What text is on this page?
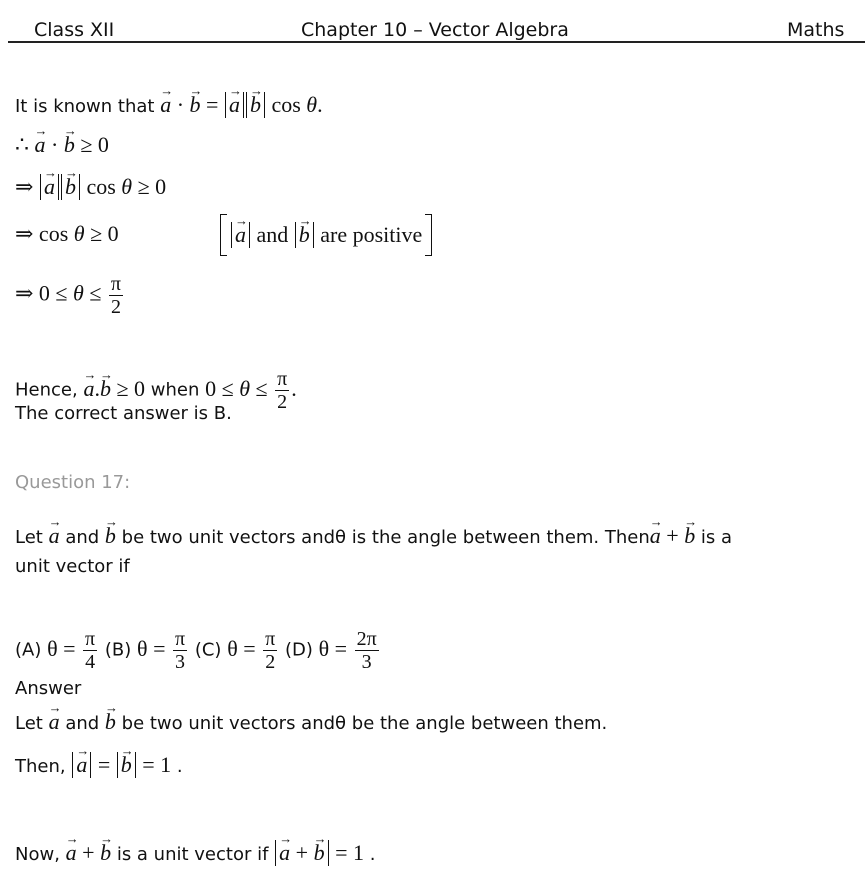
Class XII	Chapter 10 – Vector Algebra	Maths
It is known that → a · → b = → a → b cos θ.
∴ → a · → b ≥ 0
⇒ → a → b cos θ ≥ 0
⇒ cos θ ≥ 0	→ a and → b are positive
⇒ $0 \le \theta \le \frac{\pi}{2}$
Hence, → a.→ b ≥ 0 when $0 \le \theta \le \frac{\pi}{2}$ .
The correct answer is B.
Question 17:
Let → a and → b be two unit vectors andθ is the angle between them. Then→ a + → b is a
unit vector if
(A) $\theta = \frac{\pi}{4} (B) \theta = \frac{\pi}{3} (C) \theta = \frac{\pi}{2} (D) \theta = \frac{2\pi}{3}$
Answer
Let → a and → b be two unit vectors andθ be the angle between them.
Then, → a = → b = 1 .
Now, → a + → b is a unit vector if → a + → b = 1 .
